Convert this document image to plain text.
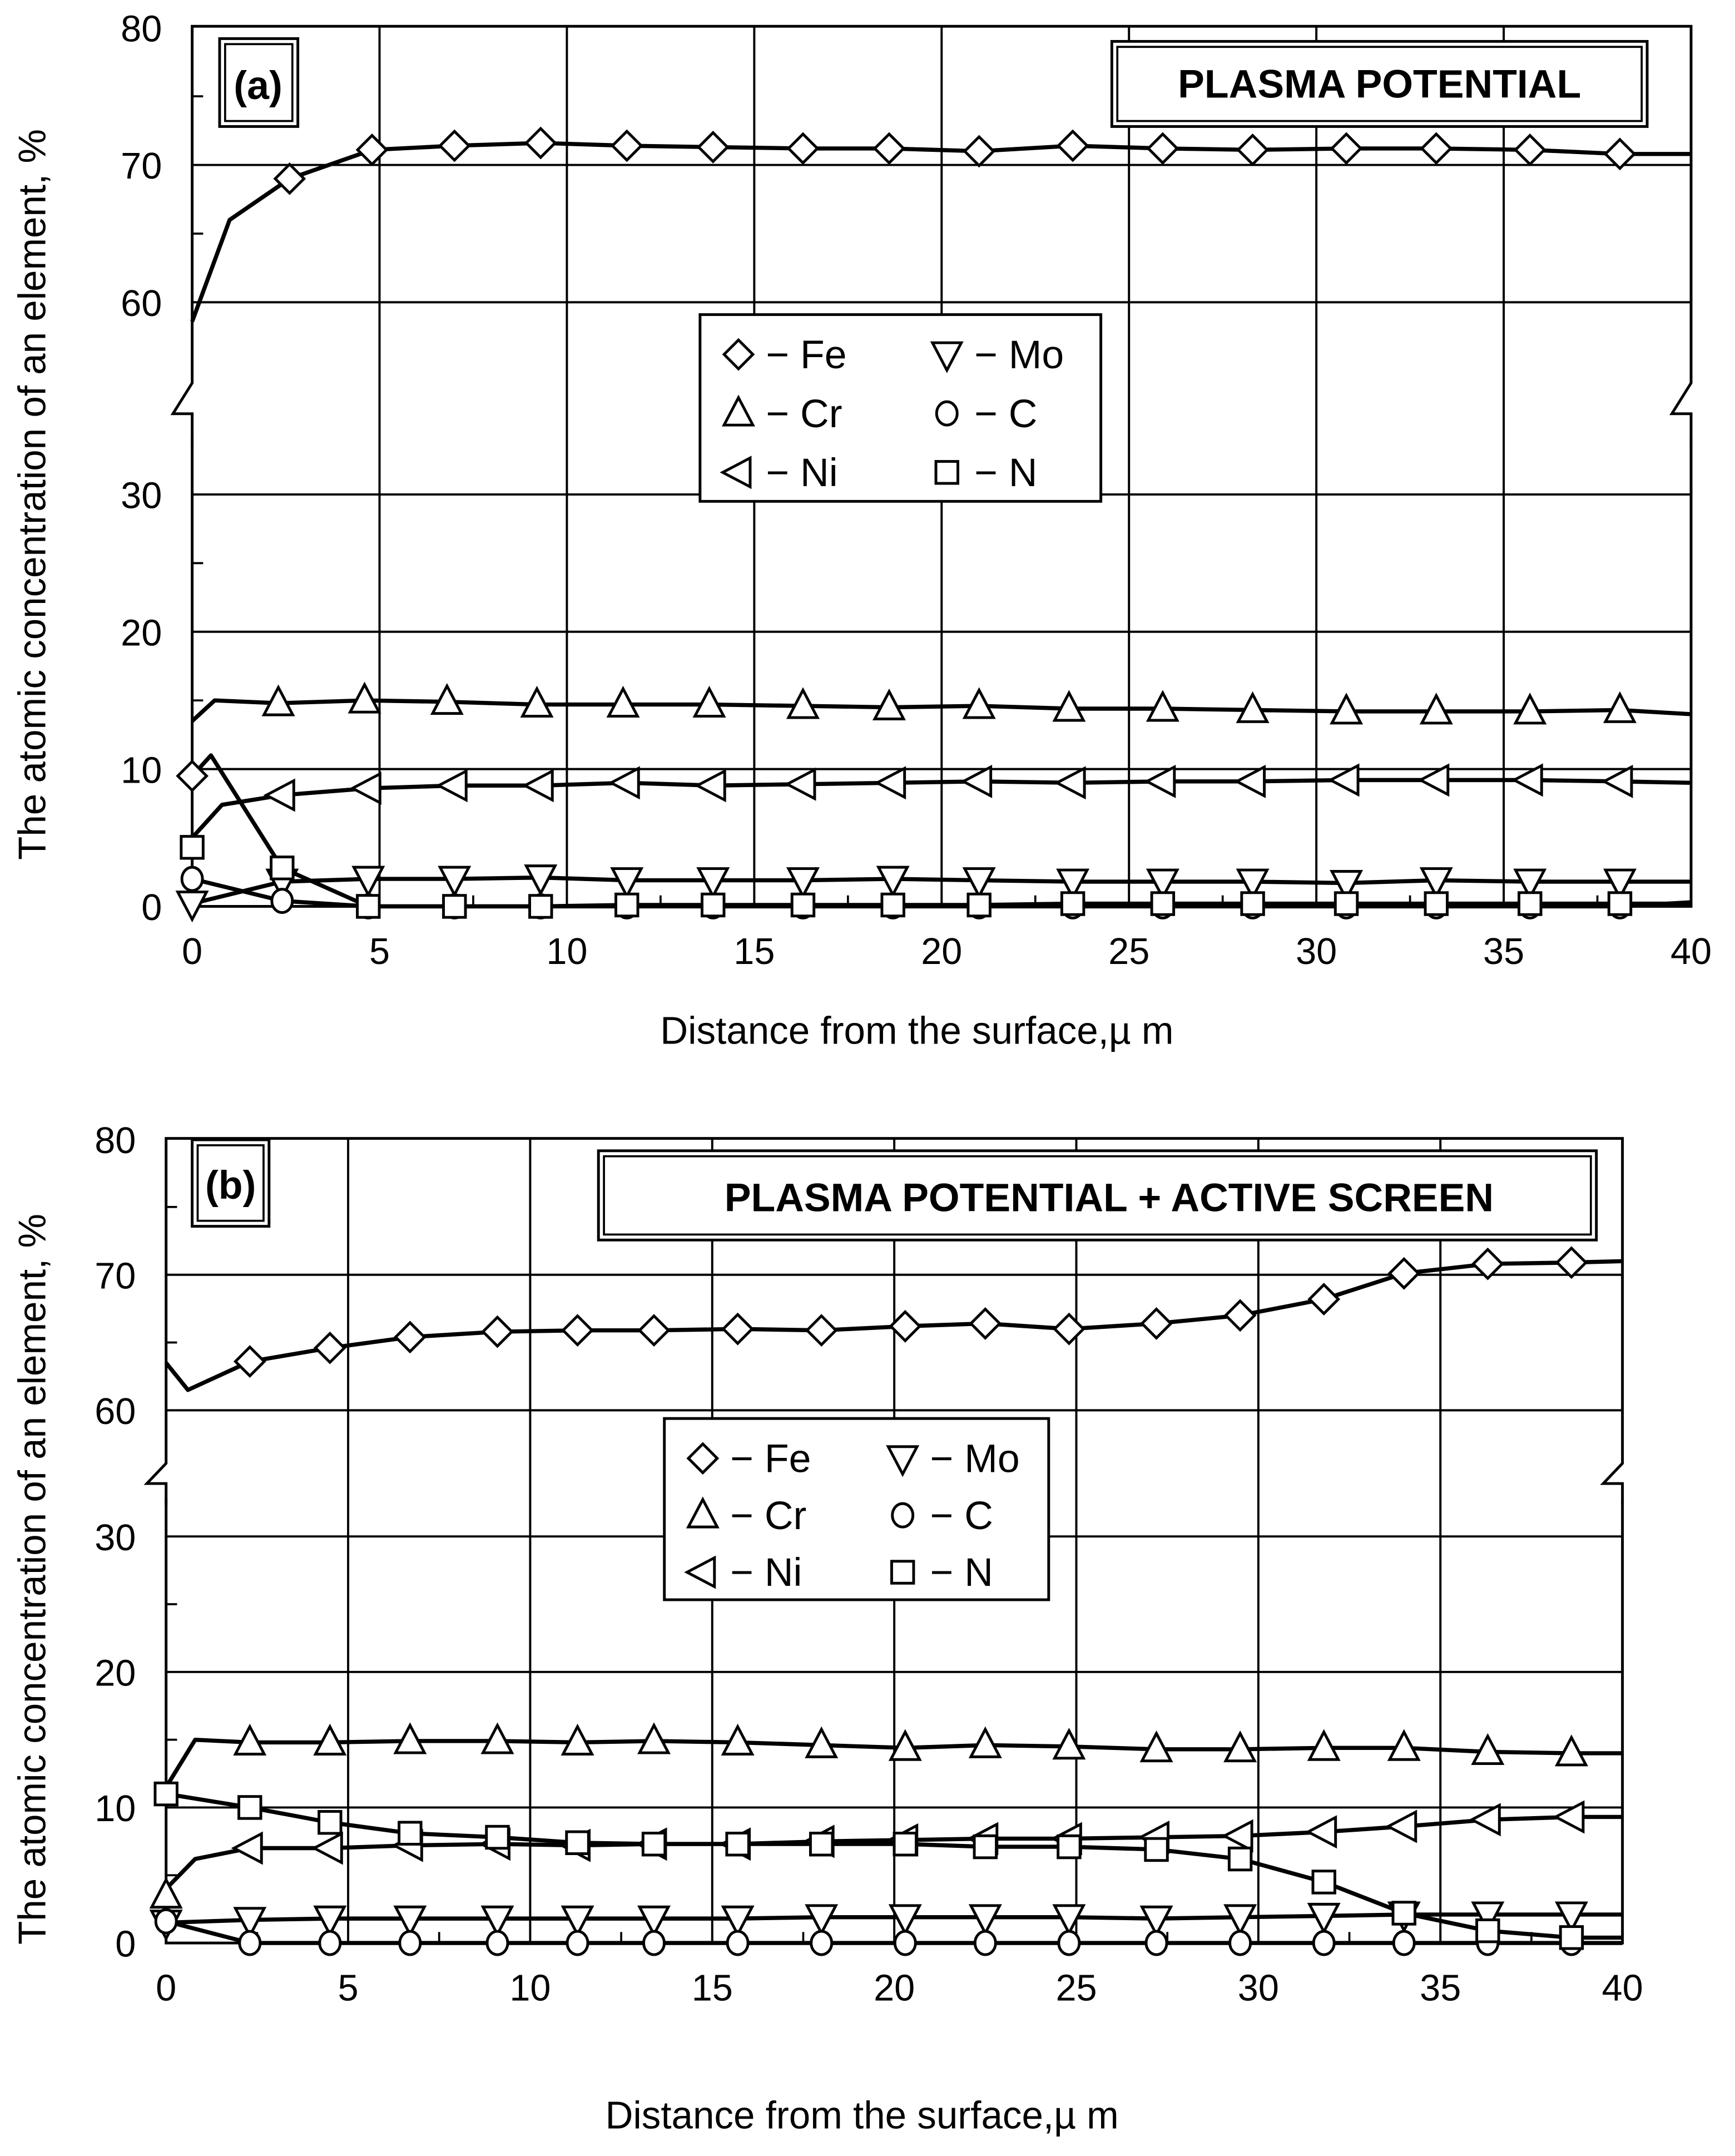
0	5	10	15	20	25	30	35	40
0
10
20
30
60
70
80
(a)	PLASMA POTENTIAL
Distance from the surface,µ m
The atomic concentration of an element, %	− Fe	− Mo
− Cr	− C
− Ni	− N
0	5	10	15	20	25	30	35	40
0
10
20
30
60
70
80
(b)	PLASMA POTENTIAL + ACTIVE SCREEN
Distance from the surface,µ m
The atomic concentration of an element, %	− Fe	− Mo
− Cr	− C
− Ni	− N
